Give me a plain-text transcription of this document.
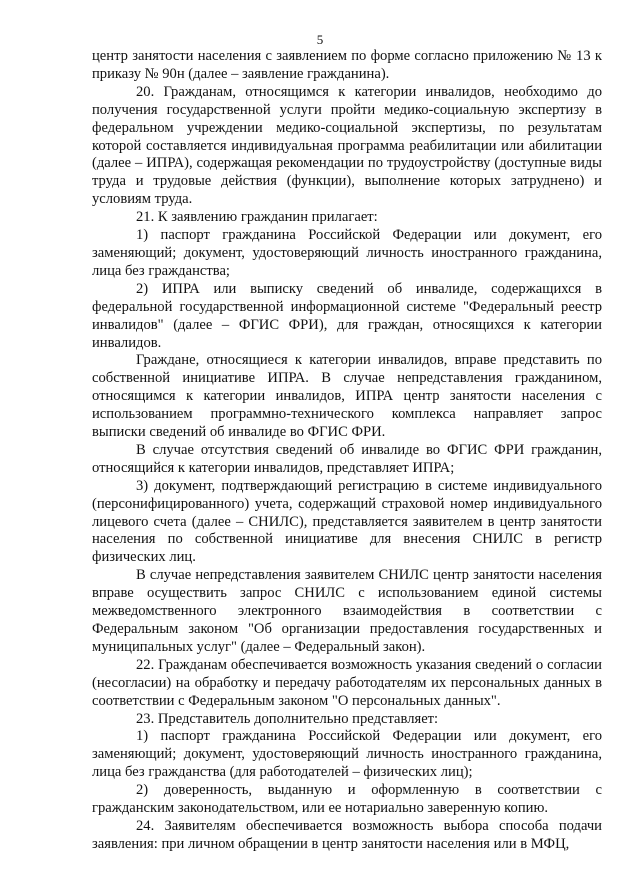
5

центр занятости населения с заявлением по форме согласно приложению № 13 к приказу № 90н (далее – заявление гражданина).

20. Гражданам, относящимся к категории инвалидов, необходимо до получения государственной услуги пройти медико-социальную экспертизу в федеральном учреждении медико-социальной экспертизы, по результатам которой составляется индивидуальная программа реабилитации или абилитации (далее – ИПРА), содержащая рекомендации по трудоустройству (доступные виды труда и трудовые действия (функции), выполнение которых затруднено) и условиям труда.

21. К заявлению гражданин прилагает:

1) паспорт гражданина Российской Федерации или документ, его заменяющий; документ, удостоверяющий личность иностранного гражданина, лица без гражданства;

2) ИПРА или выписку сведений об инвалиде, содержащихся в федеральной государственной информационной системе "Федеральный реестр инвалидов" (далее – ФГИС ФРИ), для граждан, относящихся к категории инвалидов.

Граждане, относящиеся к категории инвалидов, вправе представить по собственной инициативе ИПРА. В случае непредставления гражданином, относящимся к категории инвалидов, ИПРА центр занятости населения с использованием программно-технического комплекса направляет запрос выписки сведений об инвалиде во ФГИС ФРИ.

В случае отсутствия сведений об инвалиде во ФГИС ФРИ гражданин, относящийся к категории инвалидов, представляет ИПРА;

3) документ, подтверждающий регистрацию в системе индивидуального (персонифицированного) учета, содержащий страховой номер индивидуального лицевого счета (далее – СНИЛС), представляется заявителем в центр занятости населения по собственной инициативе для внесения СНИЛС в регистр физических лиц.

В случае непредставления заявителем СНИЛС центр занятости населения вправе осуществить запрос СНИЛС с использованием единой системы межведомственного электронного взаимодействия в соответствии с Федеральным законом "Об организации предоставления государственных и муниципальных услуг" (далее – Федеральный закон).

22. Гражданам обеспечивается возможность указания сведений о согласии (несогласии) на обработку и передачу работодателям их персональных данных в соответствии с Федеральным законом "О персональных данных".

23. Представитель дополнительно представляет:

1) паспорт гражданина Российской Федерации или документ, его заменяющий; документ, удостоверяющий личность иностранного гражданина, лица без гражданства (для работодателей – физических лиц);

2) доверенность, выданную и оформленную в соответствии с гражданским законодательством, или ее нотариально заверенную копию.

24. Заявителям обеспечивается возможность выбора способа подачи заявления: при личном обращении в центр занятости населения или в МФЦ,
